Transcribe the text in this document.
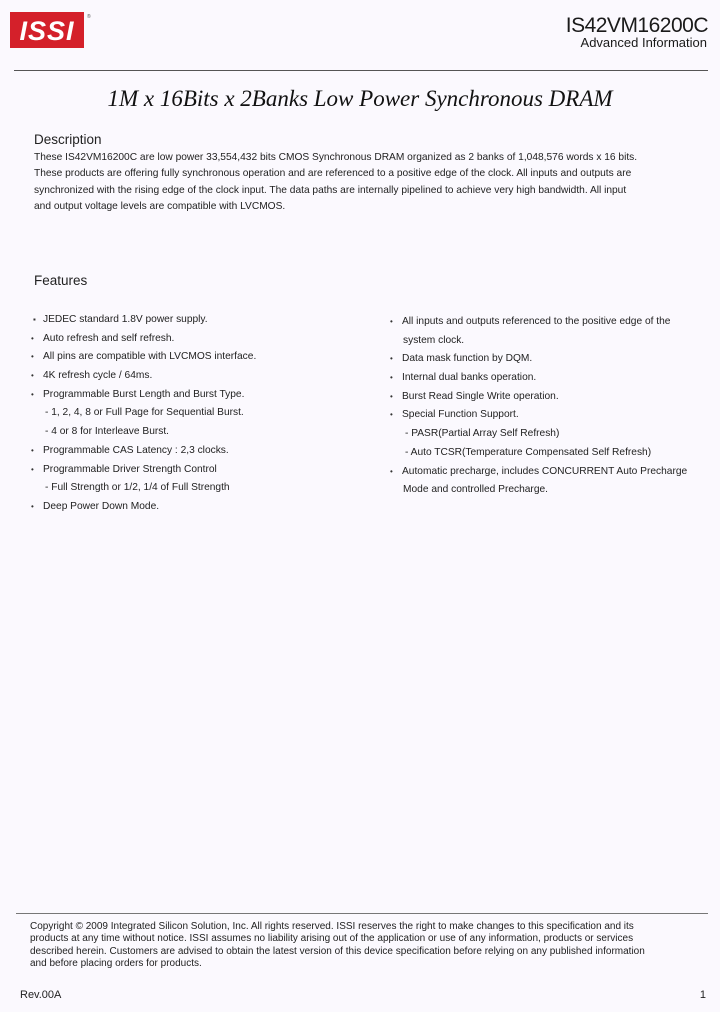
ISSI ®	IS42VM16200C
Advanced Information
1M x 16Bits x 2Banks Low Power Synchronous DRAM
Description

These IS42VM16200C are low power 33,554,432 bits CMOS Synchronous DRAM organized as 2 banks of 1,048,576 words x 16 bits.

These products are offering fully synchronous operation and are referenced to a positive edge of the clock. All inputs and outputs are

synchronized with the rising edge of the clock input. The data paths are internally pipelined to achieve very high bandwidth. All input

and output voltage levels are compatible with LVCMOS.

Features
▪ JEDEC standard 1.8V power supply.
• Auto refresh and self refresh.
• All pins are compatible with LVCMOS interface.
• 4K refresh cycle / 64ms.
• Programmable Burst Length and Burst Type.
- 1, 2, 4, 8 or Full Page for Sequential Burst.
- 4 or 8 for Interleave Burst.
• Programmable CAS Latency : 2,3 clocks.
• Programmable Driver Strength Control
- Full Strength or 1/2, 1/4 of Full Strength
• Deep Power Down Mode.
• All inputs and outputs referenced to the positive edge of the
system clock.
• Data mask function by DQM.
• Internal dual banks operation.
• Burst Read Single Write operation.
• Special Function Support.
- PASR(Partial Array Self Refresh)
- Auto TCSR(Temperature Compensated Self Refresh)
• Automatic precharge, includes CONCURRENT Auto Precharge
Mode and controlled Precharge.

Copyright © 2009 Integrated Silicon Solution, Inc. All rights reserved. ISSI reserves the right to make changes to this specification and its

products at any time without notice. ISSI assumes no liability arising out of the application or use of any information, products or services

described herein. Customers are advised to obtain the latest version of this device specification before relying on any published information

and before placing orders for products.

Rev.00A	1
